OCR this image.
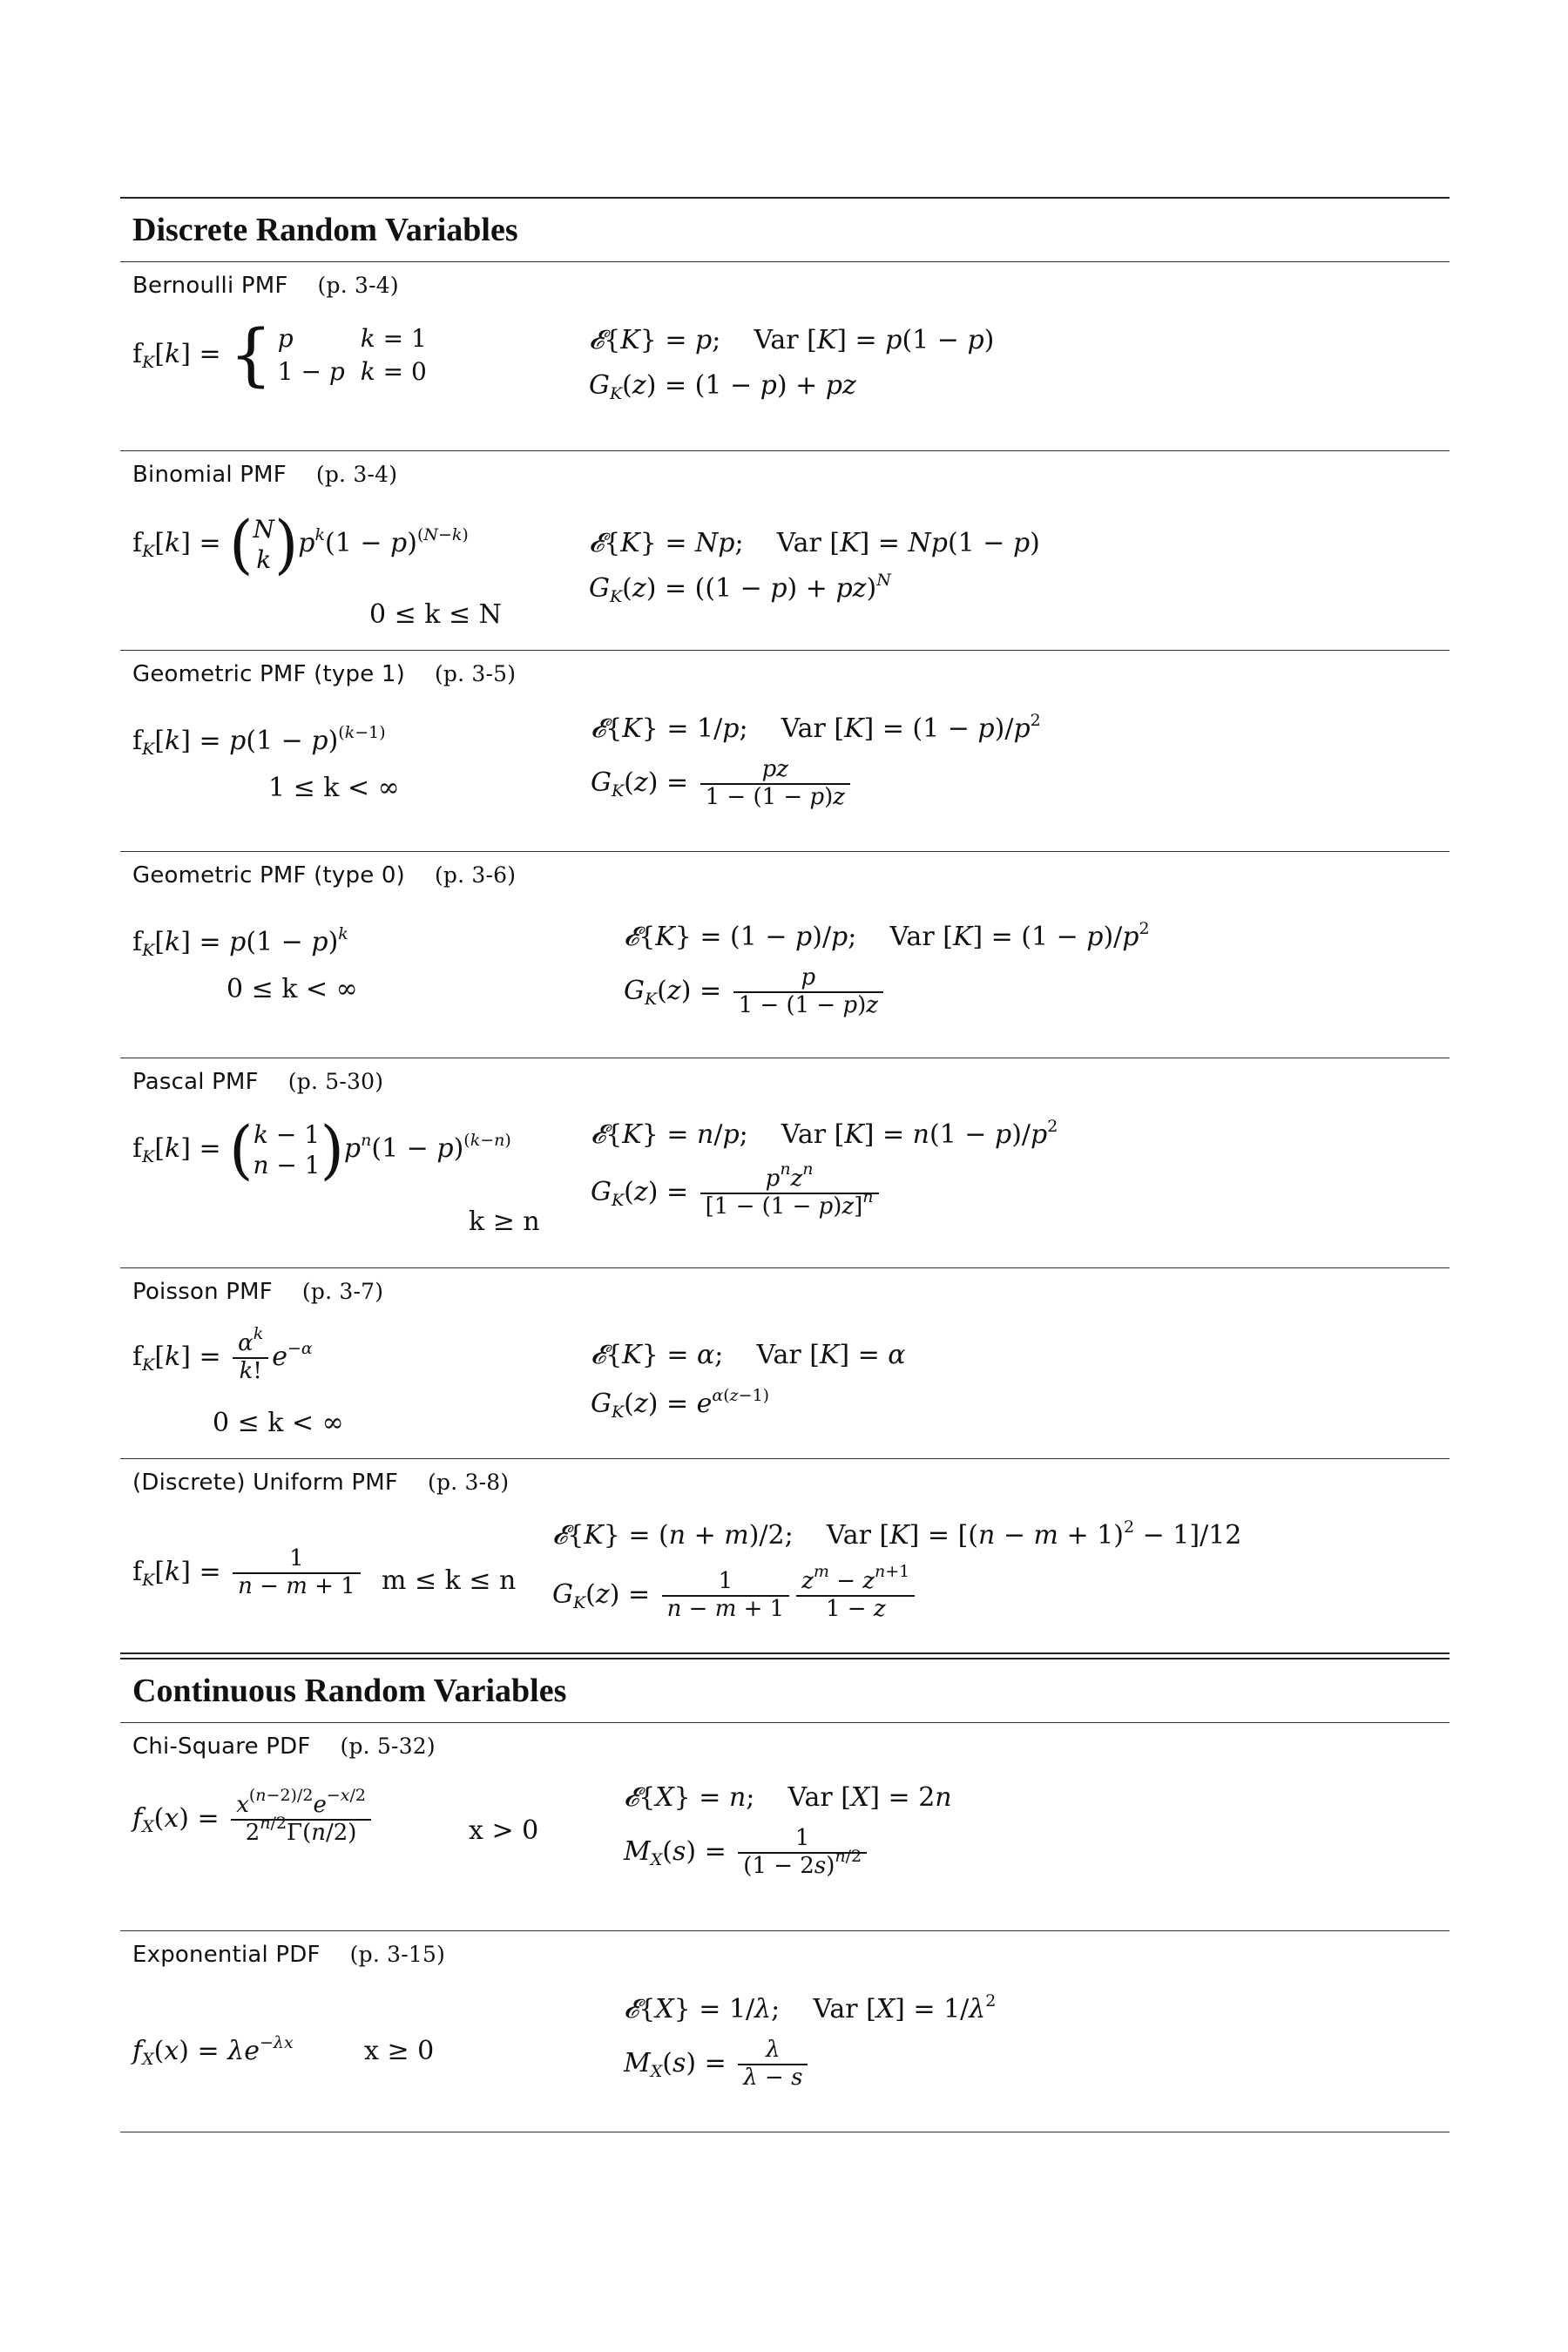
Discrete Random Variables
Bernoulli PMF (p. 3-4)
$f_K[k]$ = { p	k = 1
1 − p	k = 0
𝓔{K} = p;    Var [K] = p(1 − p)
$G_K(z) = (1 - p)$ + pz
Binomial PMF (p. 3-4)
$f_K[k] = (N$
$k)p^k(1 - p)^{(N-k)}$
0 ≤ k ≤ N
𝓔{K} = Np;    Var [K] = Np(1 − p)
$G_K(z) = ((1 - p) + pz)^N$
Geometric PMF (type 1) (p. 3-5)
$f_K[k] = p(1 - p)^{(k-1)}$
1 ≤ k < ∞
𝓔{K} = 1/p;    Var $[K] = (1 - p)/p^2$
$G_K(z) = \frac{pz}{1 - (1 - p)z}$
Geometric PMF (type 0) (p. 3-6)
$f_K[k] = p(1 - p)^k$
0 ≤ k < ∞
𝓔{K} = (1 − p)/p;    Var $[K] = (1 - p)/p^2$
$G_K(z) = \frac{p}{1 - (1 - p)z}$
Pascal PMF (p. 5-30)
$f_K[k] = (k - 1$
$n - 1)p^n(1 - p)^{(k-n)}$
k ≥ n
𝓔{K} = n/p;    Var $[K] = n(1 - p)/p^2$
$G_K(z) = \frac{p^nz^n}{[1 - (1 - p)z]^n}$
Poisson PMF (p. 3-7)
$f_K[k] = \frac{\alpha^k}{k!} e^{-\alpha}$
0 ≤ k < ∞
𝓔{K} = α;    Var [K] = α
$G_K(z) = e^{\alpha(z-1)}$
(Discrete) Uniform PMF (p. 3-8)
$f_K[k] = \frac{1}{n - m + 1}$ m ≤ k ≤ n
𝓔{K} = (n + m)/2;    Var $[K] = [(n - m + 1)^2 - 1]/12$
$G_K(z) = \frac{1}{n - m + 1} \frac{z^m - z^{n+1}}{1 - z}$
Continuous Random Variables
Chi-Square PDF (p. 5-32)
$f_X(x) = \frac{x^{(n-2)/2}e^{-x/2}}{2^{n/2}\Gamma(n/2)}$	x > 0
𝓔{X} = n;    Var [X] = 2n
$M_X(s) = \frac{1}{(1 - 2s)^{n/2}}$
Exponential PDF (p. 3-15)
$f_X(x) = \lambda e^{-\lambda x}$	x ≥ 0
𝓔{X} = 1/λ;    Var $[X] = 1/\lambda^2$
$M_X(s) = \frac{\lambda}{\lambda - s}$
